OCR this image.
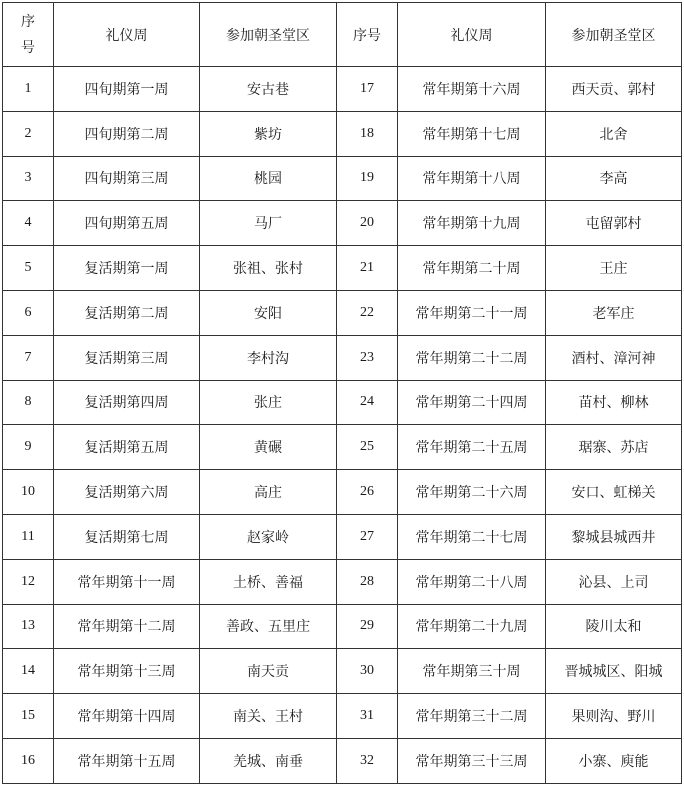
序
号	礼仪周	参加朝圣堂区	序号	礼仪周	参加朝圣堂区
1	四旬期第一周	安古巷	17	常年期第十六周	西天贡、郭村
2	四旬期第二周	紫坊	18	常年期第十七周	北舍
3	四旬期第三周	桃园	19	常年期第十八周	李高
4	四旬期第五周	马厂	20	常年期第十九周	屯留郭村
5	复活期第一周	张祖、张村	21	常年期第二十周	王庄
6	复活期第二周	安阳	22	常年期第二十一周	老军庄
7	复活期第三周	李村沟	23	常年期第二十二周	酒村、漳河神
8	复活期第四周	张庄	24	常年期第二十四周	苗村、柳林
9	复活期第五周	黄碾	25	常年期第二十五周	琚寨、苏店
10	复活期第六周	高庄	26	常年期第二十六周	安口、虹梯关
11	复活期第七周	赵家岭	27	常年期第二十七周	黎城县城西井
12	常年期第十一周	土桥、善福	28	常年期第二十八周	沁县、上司
13	常年期第十二周	善政、五里庄	29	常年期第二十九周	陵川太和
14	常年期第十三周	南天贡	30	常年期第三十周	晋城城区、阳城
15	常年期第十四周	南关、王村	31	常年期第三十二周	果则沟、野川
16	常年期第十五周	羌城、南垂	32	常年期第三十三周	小寨、庾能
